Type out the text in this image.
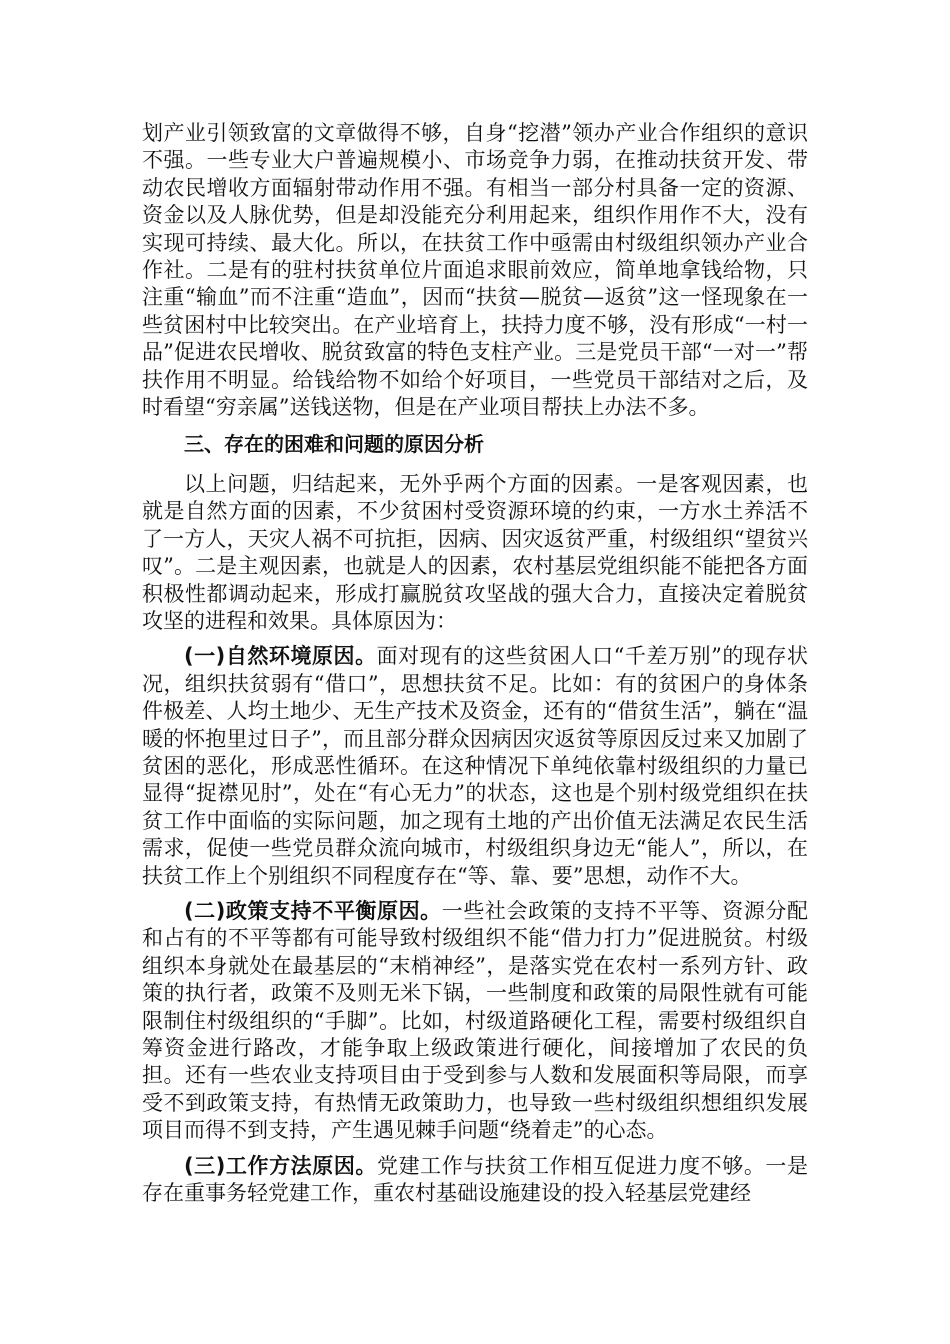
划产业引领致富的文章做得不够，自身“挖潜”领办产业合作组织的意识不强。一些专业大户普遍规模小、市场竞争力弱，在推动扶贫开发、带动农民增收方面辐射带动作用不强。有相当一部分村具备一定的资源、资金以及人脉优势，但是却没能充分利用起来，组织作用作不大，没有实现可持续、最大化。所以，在扶贫工作中亟需由村级组织领办产业合作社。二是有的驻村扶贫单位片面追求眼前效应，简单地拿钱给物，只注重“输血”而不注重“造血”，因而“扶贫—脱贫—返贫”这一怪现象在一些贫困村中比较突出。在产业培育上，扶持力度不够，没有形成“一村一品”促进农民增收、脱贫致富的特色支柱产业。三是党员干部“一对一”帮扶作用不明显。给钱给物不如给个好项目，一些党员干部结对之后，及时看望“穷亲属”送钱送物，但是在产业项目帮扶上办法不多。

三、存在的困难和问题的原因分析

以上问题，归结起来，无外乎两个方面的因素。一是客观因素，也就是自然方面的因素，不少贫困村受资源环境的约束，一方水土养活不了一方人，天灾人祸不可抗拒，因病、因灾返贫严重，村级组织“望贫兴叹”。二是主观因素，也就是人的因素，农村基层党组织能不能把各方面积极性都调动起来，形成打赢脱贫攻坚战的强大合力，直接决定着脱贫攻坚的进程和效果。具体原因为：

(一)自然环境原因。面对现有的这些贫困人口“千差万别”的现存状况，组织扶贫弱有“借口”，思想扶贫不足。比如：有的贫困户的身体条件极差、人均土地少、无生产技术及资金，还有的“借贫生活”，躺在“温暖的怀抱里过日子”，而且部分群众因病因灾返贫等原因反过来又加剧了贫困的恶化，形成恶性循环。在这种情况下单纯依靠村级组织的力量已显得“捉襟见肘”，处在“有心无力”的状态，这也是个别村级党组织在扶贫工作中面临的实际问题，加之现有土地的产出价值无法满足农民生活需求，促使一些党员群众流向城市，村级组织身边无“能人”，所以，在扶贫工作上个别组织不同程度存在“等、靠、要”思想，动作不大。

(二)政策支持不平衡原因。一些社会政策的支持不平等、资源分配和占有的不平等都有可能导致村级组织不能“借力打力”促进脱贫。村级组织本身就处在最基层的“末梢神经”，是落实党在农村一系列方针、政策的执行者，政策不及则无米下锅，一些制度和政策的局限性就有可能限制住村级组织的“手脚”。比如，村级道路硬化工程，需要村级组织自筹资金进行路改，才能争取上级政策进行硬化，间接增加了农民的负担。还有一些农业支持项目由于受到参与人数和发展面积等局限，而享受不到政策支持，有热情无政策助力，也导致一些村级组织想组织发展项目而得不到支持，产生遇见棘手问题“绕着走”的心态。

(三)工作方法原因。党建工作与扶贫工作相互促进力度不够。一是存在重事务轻党建工作，重农村基础设施建设的投入轻基层党建经
